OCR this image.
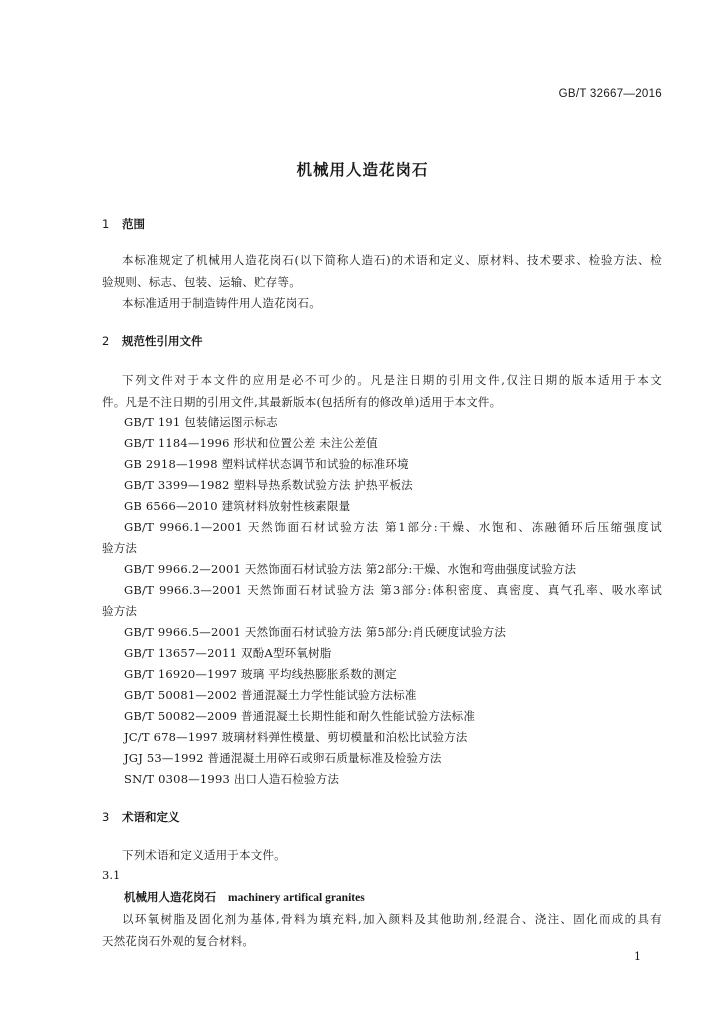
GB/T 32667—2016
机械用人造花岗石
1 范围
本标准规定了机械用人造花岗石(以下简称人造石)的术语和定义、原材料、技术要求、检验方法、检
验规则、标志、包装、运输、贮存等。
本标准适用于制造铸件用人造花岗石。
2 规范性引用文件
下列文件对于本文件的应用是必不可少的。凡是注日期的引用文件,仅注日期的版本适用于本文
件。凡是不注日期的引用文件,其最新版本(包括所有的修改单)适用于本文件。
GB/T 191 包装储运图示标志
GB/T 1184—1996 形状和位置公差 未注公差值
GB 2918—1998 塑料试样状态调节和试验的标准环境
GB/T 3399—1982 塑料导热系数试验方法 护热平板法
GB 6566—2010 建筑材料放射性核素限量
GB/T 9966.1—2001 天然饰面石材试验方法 第1部分:干燥、水饱和、冻融循环后压缩强度试
验方法
GB/T 9966.2—2001 天然饰面石材试验方法 第2部分:干燥、水饱和弯曲强度试验方法
GB/T 9966.3—2001 天然饰面石材试验方法 第3部分:体积密度、真密度、真气孔率、吸水率试
验方法
GB/T 9966.5—2001 天然饰面石材试验方法 第5部分:肖氏硬度试验方法
GB/T 13657—2011 双酚A型环氧树脂
GB/T 16920—1997 玻璃 平均线热膨胀系数的测定
GB/T 50081—2002 普通混凝土力学性能试验方法标准
GB/T 50082—2009 普通混凝土长期性能和耐久性能试验方法标准
JC/T 678—1997 玻璃材料弹性模量、剪切模量和泊松比试验方法
JGJ 53—1992 普通混凝土用碎石或卵石质量标准及检验方法
SN/T 0308—1993 出口人造石检验方法
3 术语和定义
下列术语和定义适用于本文件。
3.1
机械用人造花岗石 machinery artifical granites
以环氧树脂及固化剂为基体,骨料为填充料,加入颜料及其他助剂,经混合、浇注、固化而成的具有
天然花岗石外观的复合材料。
1
